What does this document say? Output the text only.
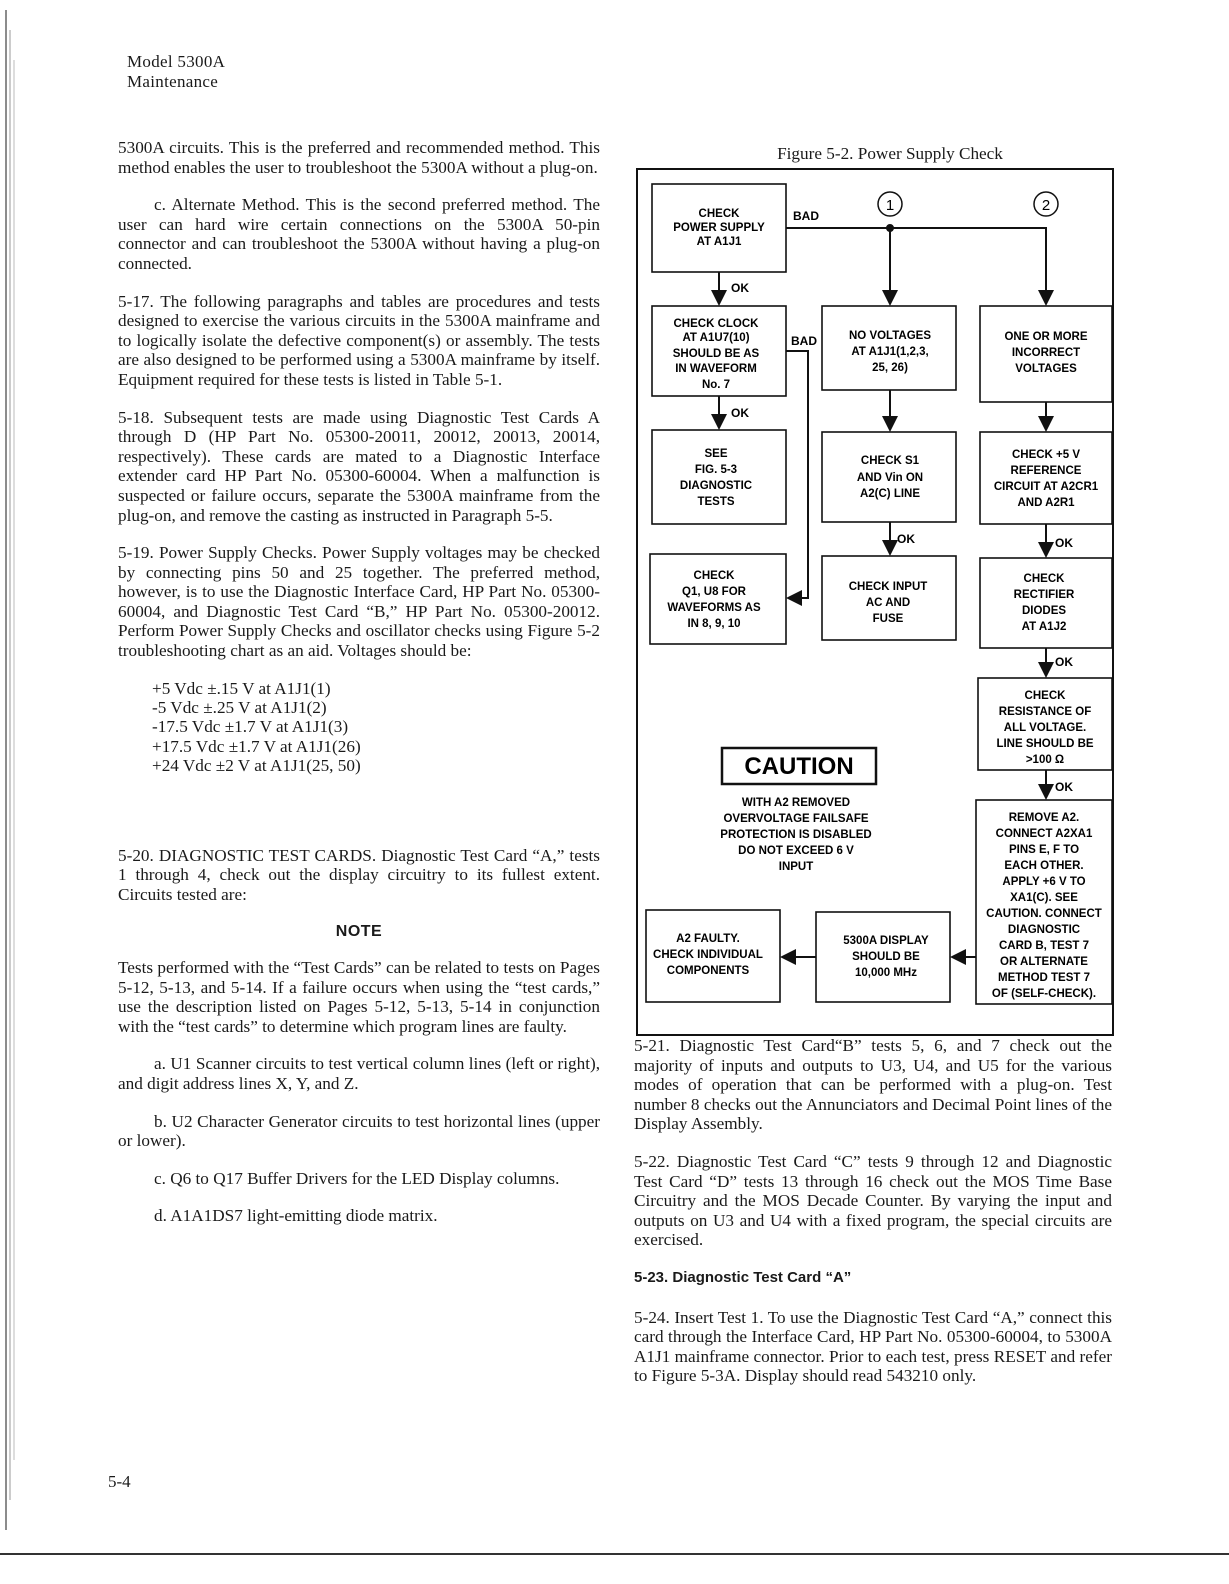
Model 5300A
Maintenance

5300A circuits. This is the preferred and recommended method. This method enables the user to troubleshoot the 5300A without a plug-on.

c. Alternate Method. This is the second preferred method. The user can hard wire certain connections on the 5300A 50-pin connector and can troubleshoot the 5300A without having a plug-on connected.

5-17. The following paragraphs and tables are procedures and tests designed to exercise the various circuits in the 5300A mainframe and to logically isolate the defective component(s) or assembly. The tests are also designed to be performed using a 5300A mainframe by itself. Equipment required for these tests is listed in Table 5-1.

5-18. Subsequent tests are made using Diagnostic Test Cards A through D (HP Part No. 05300-20011, 20012, 20013, 20014, respectively). These cards are mated to a Diagnostic Interface extender card HP Part No. 05300-60004. When a malfunction is suspected or failure occurs, separate the 5300A mainframe from the plug-on, and remove the casting as instructed in Paragraph 5-5.

5-19. Power Supply Checks. Power Supply voltages may be checked by connecting pins 50 and 25 together. The preferred method, however, is to use the Diagnostic Interface Card, HP Part No. 05300-60004, and Diagnostic Test Card “B,” HP Part No. 05300-20012. Perform Power Supply Checks and oscillator checks using Figure 5-2 troubleshooting chart as an aid. Voltages should be:

+5 Vdc ±.15 V at A1J1(1)
-5 Vdc ±.25 V at A1J1(2)
-17.5 Vdc ±1.7 V at A1J1(3)
+17.5 Vdc ±1.7 V at A1J1(26)
+24 Vdc ±2 V at A1J1(25, 50)

5-20. DIAGNOSTIC TEST CARDS. Diagnostic Test Card “A,” tests 1 through 4, check out the display circuitry to its fullest extent. Circuits tested are:

NOTE

Tests performed with the “Test Cards” can be related to tests on Pages 5-12, 5-13, and 5-14. If a failure occurs when using the “test cards,” use the description listed on Pages 5-12, 5-13, 5-14 in conjunction with the “test cards” to determine which program lines are faulty.

a. U1 Scanner circuits to test vertical column lines (left or right), and digit address lines X, Y, and Z.

b. U2 Character Generator circuits to test horizontal lines (upper or lower).

c. Q6 to Q17 Buffer Drivers for the LED Display columns.

d. A1A1DS7 light-emitting diode matrix.

Figure 5-2. Power Supply Check
1	2
CHECK
POWER SUPPLY
AT A1J1
CHECK CLOCK
AT A1U7(10)
SHOULD BE AS
IN WAVEFORM
No. 7
SEE
FIG. 5-3
DIAGNOSTIC
TESTS
CHECK
Q1, U8 FOR
WAVEFORMS AS
IN 8, 9, 10
NO VOLTAGES
AT A1J1(1,2,3,
25, 26)
CHECK S1
AND Vin ON
A2(C) LINE
CHECK INPUT
AC AND
FUSE
5300A DISPLAY
SHOULD BE
10,000 MHz
A2 FAULTY.
CHECK INDIVIDUAL
COMPONENTS
ONE OR MORE
INCORRECT
VOLTAGES
CHECK +5 V
REFERENCE
CIRCUIT AT A2CR1
AND A2R1
CHECK
RECTIFIER
DIODES
AT A1J2
CHECK
RESISTANCE OF
ALL VOLTAGE.
LINE SHOULD BE
>100 Ω
REMOVE A2.
CONNECT A2XA1
PINS E, F TO
EACH OTHER.
APPLY +6 V TO
XA1(C). SEE
CAUTION. CONNECT
DIAGNOSTIC
CARD B, TEST 7
OR ALTERNATE
METHOD TEST 7
OF (SELF-CHECK).
CAUTION
WITH A2 REMOVED
OVERVOLTAGE FAILSAFE
PROTECTION IS DISABLED
DO NOT EXCEED 6 V
INPUT
BAD
BAD
OK
OK
OK	OK
OK
OK

5-21. Diagnostic Test Card“B” tests 5, 6, and 7 check out the majority of inputs and outputs to U3, U4, and U5 for the various modes of operation that can be performed with a plug-on. Test number 8 checks out the Annunciators and Decimal Point lines of the Display Assembly.

5-22. Diagnostic Test Card “C” tests 9 through 12 and Diagnostic Test Card “D” tests 13 through 16 check out the MOS Time Base Circuitry and the MOS Decade Counter. By varying the input and outputs on U3 and U4 with a fixed program, the special circuits are exercised.

5-23. Diagnostic Test Card “A”

5-24. Insert Test 1. To use the Diagnostic Test Card “A,” connect this card through the Interface Card, HP Part No. 05300-60004, to 5300A A1J1 mainframe connector. Prior to each test, press RESET and refer to Figure 5-3A. Display should read 543210 only.

5-4
